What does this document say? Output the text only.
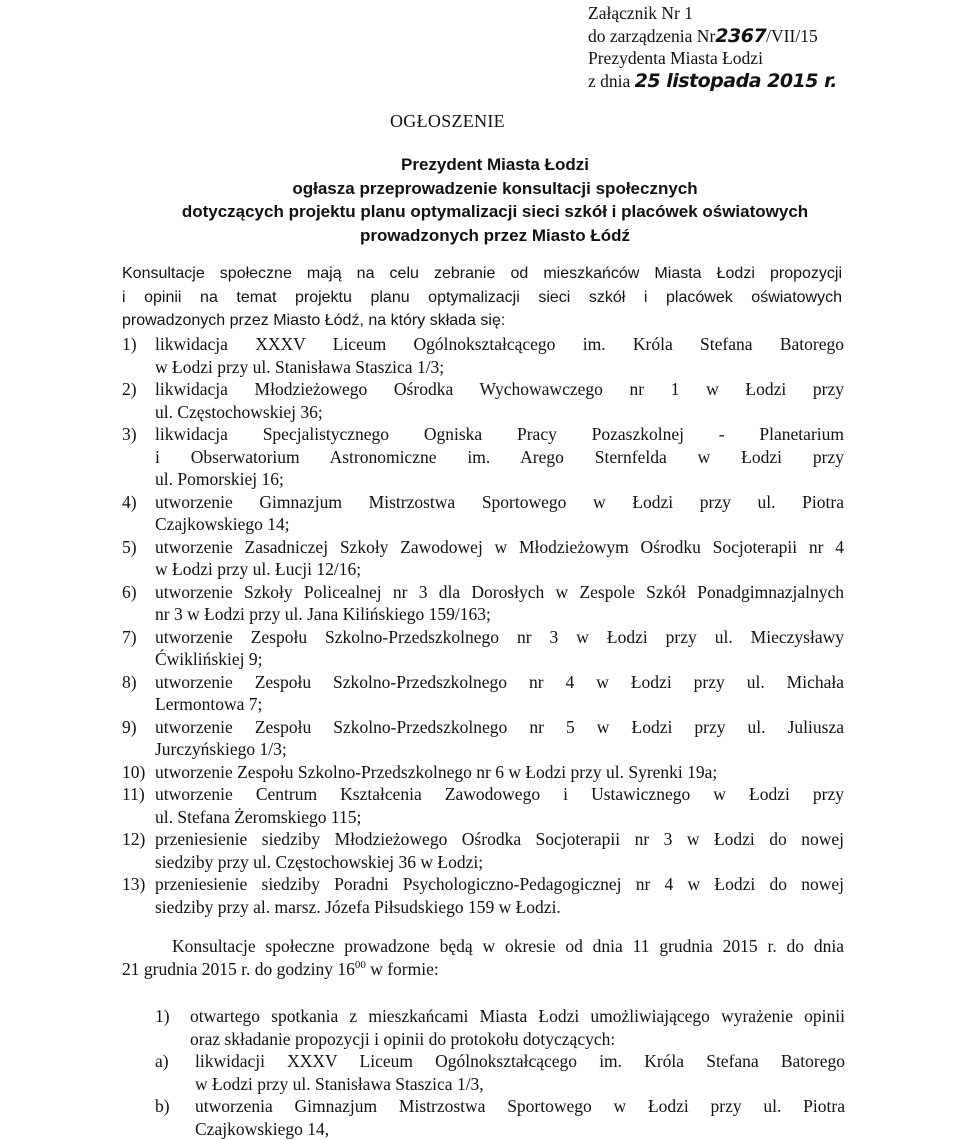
Załącznik Nr 1
do zarządzenia Nr2367/VII/15
Prezydenta Miasta Łodzi
z dnia 25 listopada 2015 r.
OGŁOSZENIE
Prezydent Miasta Łodzi
ogłasza przeprowadzenie konsultacji społecznych
dotyczących projektu planu optymalizacji sieci szkół i placówek oświatowych
prowadzonych przez Miasto Łódź
Konsultacje społeczne mają na celu zebranie od mieszkańców Miasta Łodzi propozycji
i opinii na temat projektu planu optymalizacji sieci szkół i placówek oświatowych
prowadzonych przez Miasto Łódź, na który składa się:
1) likwidacja XXXV Liceum Ogólnokształcącego im. Króla Stefana Batorego
w Łodzi przy ul. Stanisława Staszica 1/3;
2) likwidacja Młodzieżowego Ośrodka Wychowawczego nr 1 w Łodzi przy
ul. Częstochowskiej 36;
3) likwidacja Specjalistycznego Ogniska Pracy Pozaszkolnej - Planetarium
i Obserwatorium Astronomiczne im. Arego Sternfelda w Łodzi przy
ul. Pomorskiej 16;
4) utworzenie Gimnazjum Mistrzostwa Sportowego w Łodzi przy ul. Piotra
Czajkowskiego 14;
5) utworzenie Zasadniczej Szkoły Zawodowej w Młodzieżowym Ośrodku Socjoterapii nr 4
w Łodzi przy ul. Łucji 12/16;
6) utworzenie Szkoły Policealnej nr 3 dla Dorosłych w Zespole Szkół Ponadgimnazjalnych
nr 3 w Łodzi przy ul. Jana Kilińskiego 159/163;
7) utworzenie Zespołu Szkolno-Przedszkolnego nr 3 w Łodzi przy ul. Mieczysławy
Ćwiklińskiej 9;
8) utworzenie Zespołu Szkolno-Przedszkolnego nr 4 w Łodzi przy ul. Michała
Lermontowa 7;
9) utworzenie Zespołu Szkolno-Przedszkolnego nr 5 w Łodzi przy ul. Juliusza
Jurczyńskiego 1/3;
10) utworzenie Zespołu Szkolno-Przedszkolnego nr 6 w Łodzi przy ul. Syrenki 19a;
11) utworzenie Centrum Kształcenia Zawodowego i Ustawicznego w Łodzi przy
ul. Stefana Żeromskiego 115;
12) przeniesienie siedziby Młodzieżowego Ośrodka Socjoterapii nr 3 w Łodzi do nowej
siedziby przy ul. Częstochowskiej 36 w Łodzi;
13) przeniesienie siedziby Poradni Psychologiczno-Pedagogicznej nr 4 w Łodzi do nowej
siedziby przy al. marsz. Józefa Piłsudskiego 159 w Łodzi.
Konsultacje społeczne prowadzone będą w okresie od dnia 11 grudnia 2015 r. do dnia
21 grudnia 2015 r. do godziny $16^{00}$ w formie:
1) otwartego spotkania z mieszkańcami Miasta Łodzi umożliwiającego wyrażenie opinii
oraz składanie propozycji i opinii do protokołu dotyczących:
a) likwidacji XXXV Liceum Ogólnokształcącego im. Króla Stefana Batorego
w Łodzi przy ul. Stanisława Staszica 1/3,
b) utworzenia Gimnazjum Mistrzostwa Sportowego w Łodzi przy ul. Piotra
Czajkowskiego 14,
